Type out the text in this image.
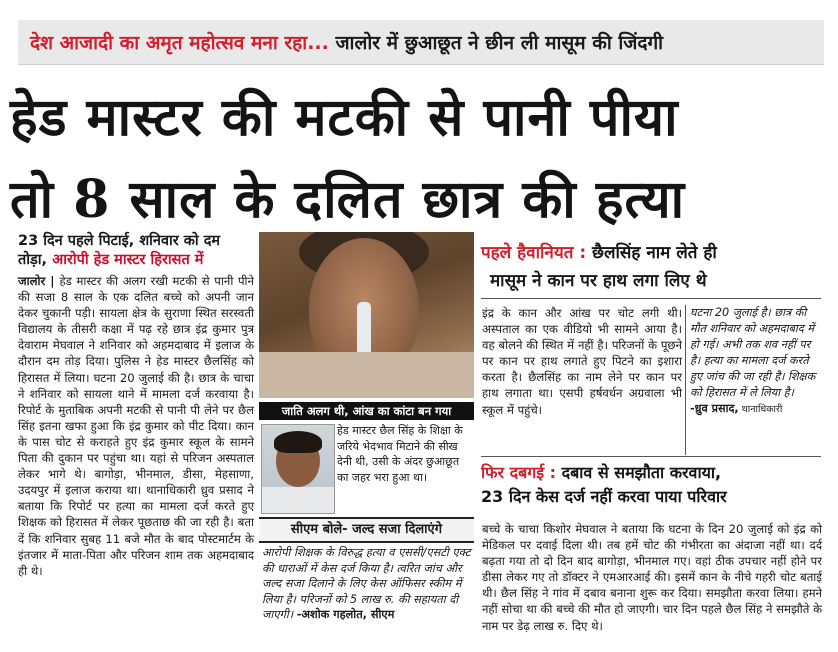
देश आजादी का अमृत महोत्सव मना रहा... जालोर में छुआछूत ने छीन ली मासूम की जिंदगी
हेड मास्टर की मटकी से पानी पीया
तो 8 साल के दलित छात्र की हत्या
23 दिन पहले पिटाई, शनिवार को दम तोड़ा, आरोपी हेड मास्टर हिरासत में
जालोर | हेड मास्टर की अलग रखी मटकी से पानी पीने की सजा 8 साल के एक दलित बच्चे को अपनी जान देकर चुकानी पड़ी। सायला क्षेत्र के सुराणा स्थित सरस्वती विद्यालय के तीसरी कक्षा में पढ़ रहे छात्र इंद्र कुमार पुत्र देवाराम मेघवाल ने शनिवार को अहमदाबाद में इलाज के दौरान दम तोड़ दिया। पुलिस ने हेड मास्टर छैलसिंह को हिरासत में लिया। घटना 20 जुलाई की है। छात्र के चाचा ने शनिवार को सायला थाने में मामला दर्ज करवाया है। रिपोर्ट के मुताबिक अपनी मटकी से पानी पी लेने पर छैल सिंह इतना खफा हुआ कि इंद्र कुमार को पीट दिया। कान के पास चोट से कराहते हुए इंद्र कुमार स्कूल के सामने पिता की दुकान पर पहुंचा था। यहां से परिजन अस्पताल लेकर भागे थे। बागोड़ा, भीनमाल, डीसा, मेहसाणा, उदयपुर में इलाज कराया था। थानाधिकारी ध्रुव प्रसाद ने बताया कि रिपोर्ट पर हत्या का मामला दर्ज करते हुए शिक्षक को हिरासत में लेकर पूछताछ की जा रही है। बता दें कि शनिवार सुबह 11 बजे मौत के बाद पोस्टमार्टम के इंतजार में माता-पिता और परिजन शाम तक अहमदाबाद ही थे।
जाति अलग थी, आंख का कांटा बन गया
हेड मास्टर छैल सिंह के शिक्षा के जरिये भेदभाव मिटाने की सीख देनी थी, उसी के अंदर छुआछूत का जहर भरा हुआ था।
सीएम बोले- जल्द सजा दिलाएंगे
आरोपी शिक्षक के विरुद्ध हत्या व एससी/एसटी एक्ट की धाराओं में केस दर्ज किया है। त्वरित जांच और जल्द सजा दिलाने के लिए केस ऑफिसर स्कीम में लिया है। परिजनों को 5 लाख रु. की सहायता दी जाएगी। -अशोक गहलोत, सीएम
पहले हैवानियत : छैलसिंह नाम लेते ही
मासूम ने कान पर हाथ लगा लिए थे
इंद्र के कान और आंख पर चोट लगी थी। अस्पताल का एक वीडियो भी सामने आया है। वह बोलने की स्थित में नहीं है। परिजनों के पूछने पर कान पर हाथ लगाते हुए पिटने का इशारा करता है। छैलसिंह का नाम लेने पर कान पर हाथ लगाता था। एसपी हर्षवर्धन अग्रवाला भी स्कूल में पहुंचे।
घटना 20 जुलाई है। छात्र की मौत शनिवार को अहमदाबाद में हो गई। अभी तक शव नहीं पर है। हत्या का मामला दर्ज करते हुए जांच की जा रही है। शिक्षक को हिरासत में ले लिया है।
-ध्रुव प्रसाद, थानाधिकारी
फिर दबगई : दबाव से समझौता करवाया,
23 दिन केस दर्ज नहीं करवा पाया परिवार
बच्चे के चाचा किशोर मेघवाल ने बताया कि घटना के दिन 20 जुलाई को इंद्र को मेडिकल पर दवाई दिला थी। तब हमें चोट की गंभीरता का अंदाजा नहीं था। दर्द बढ़ता गया तो दो दिन बाद बागोड़ा, भीनमाल गए। वहां ठीक उपचार नहीं होने पर डीसा लेकर गए तो डॉक्टर ने एमआरआई की। इसमें कान के नीचे गहरी चोट बताई थी। छैल सिंह ने गांव में दबाव बनाना शुरू कर दिया। समझौता करवा लिया। हमने नहीं सोचा था की बच्चे की मौत हो जाएगी। चार दिन पहले छैल सिंह ने समझौते के नाम पर डेढ़ लाख रु. दिए थे।
